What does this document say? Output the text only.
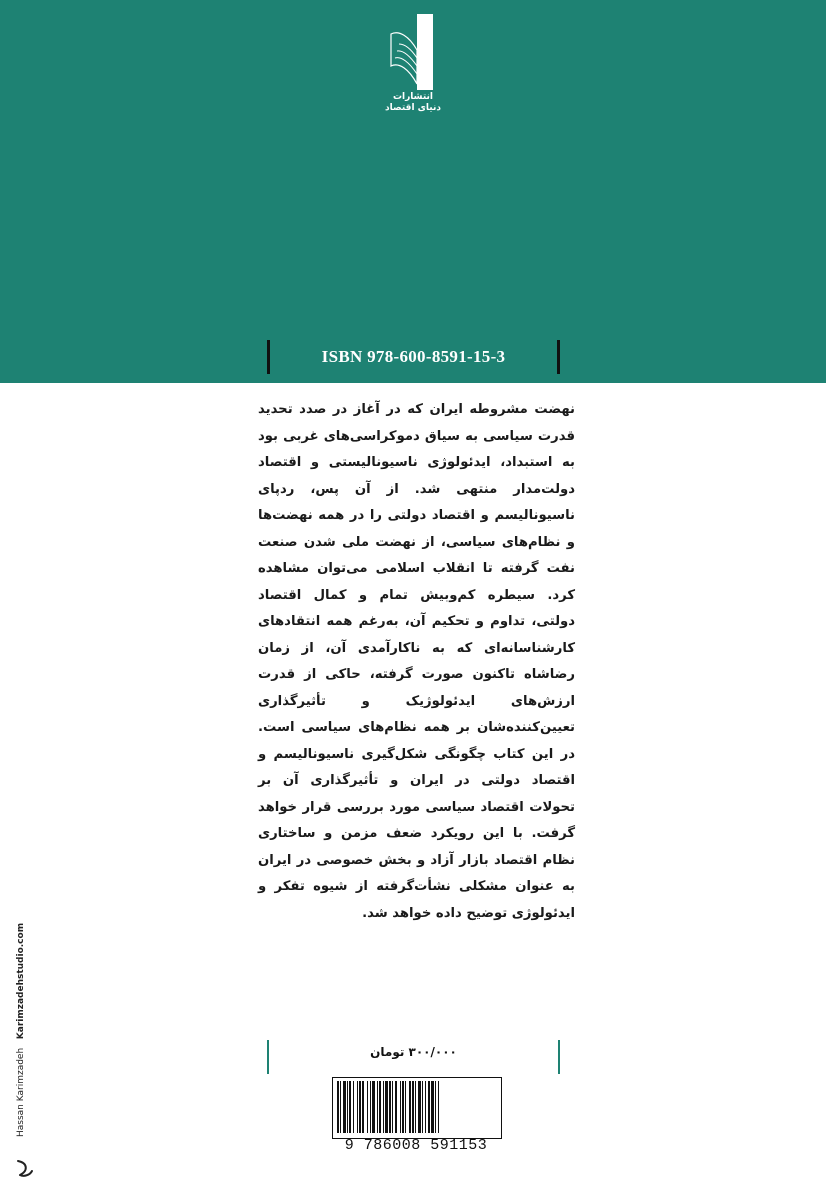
انتشارات
دنیای اقتصاد
ISBN 978-600-8591-15-3
نهضت مشروطه ایران که در آغاز در صدد تحدید قدرت سیاسی به سیاق دموکراسی‌های غربی بود به استبداد، ایدئولوژی ناسیونالیستی و اقتصاد دولت‌مدار منتهی شد. از آن پس، ردپای ناسیونالیسم و اقتصاد دولتی را در همه نهضت‌ها و نظام‌های سیاسی، از نهضت ملی شدن صنعت نفت گرفته تا انقلاب اسلامی می‌توان مشاهده کرد. سیطره کم‌وبیش تمام و کمال اقتصاد دولتی، تداوم و تحکیم آن، به‌رغم همه انتقادهای کارشناسانه‌ای که به ناکارآمدی آن، از زمان رضاشاه تاکنون صورت گرفته، حاکی از قدرت ارزش‌های ایدئولوژیک و تأثیرگذاری تعیین‌کننده‌شان بر همه نظام‌های سیاسی است. در این کتاب چگونگی شکل‌گیری ناسیونالیسم و اقتصاد دولتی در ایران و تأثیرگذاری آن بر تحولات اقتصاد سیاسی مورد بررسی قرار خواهد گرفت. با این رویکرد ضعف مزمن و ساختاری نظام اقتصاد بازار آزاد و بخش خصوصی در ایران به عنوان مشکلی نشأت‌گرفته از شیوه تفکر و ایدئولوژی توضیح داده خواهد شد.
Hassan Karimzadeh   Karimzadehstudio.com
۳۰۰/۰۰۰ تومان
9 786008 591153
